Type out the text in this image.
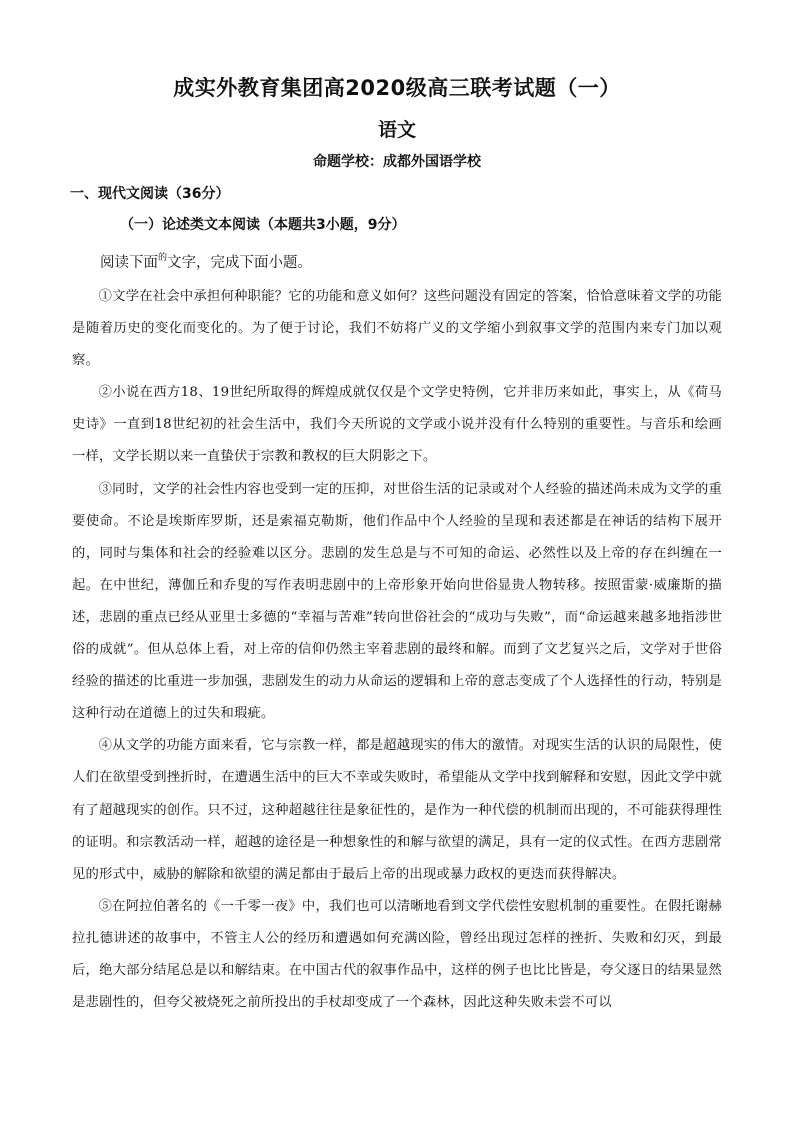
成实外教育集团高2020级高三联考试题（一）
语文
命题学校：成都外国语学校
一、现代文阅读（36分）
（一）论述类文本阅读（本题共3小题，9分）
阅读下面$^的$文字，完成下面小题。

①文学在社会中承担何种职能？它的功能和意义如何？这些问题没有固定的答案，恰恰意味着文学的功能是随着历史的变化而变化的。为了便于讨论，我们不妨将广义的文学缩小到叙事文学的范围内来专门加以观察。

②小说在西方18、19世纪所取得的辉煌成就仅仅是个文学史特例，它并非历来如此，事实上，从《荷马史诗》一直到18世纪初的社会生活中，我们今天所说的文学或小说并没有什么特别的重要性。与音乐和绘画一样，文学长期以来一直蛰伏于宗教和教权的巨大阴影之下。

③同时，文学的社会性内容也受到一定的压抑，对世俗生活的记录或对个人经验的描述尚未成为文学的重要使命。不论是埃斯库罗斯，还是索福克勒斯，他们作品中个人经验的呈现和表述都是在神话的结构下展开的，同时与集体和社会的经验难以区分。悲剧的发生总是与不可知的命运、必然性以及上帝的存在纠缠在一起。在中世纪，薄伽丘和乔叟的写作表明悲剧中的上帝形象开始向世俗显贵人物转移。按照雷蒙·威廉斯的描述，悲剧的重点已经从亚里士多德的“幸福与苦难”转向世俗社会的“成功与失败”，而“命运越来越多地指涉世俗的成就”。但从总体上看，对上帝的信仰仍然主宰着悲剧的最终和解。而到了文艺复兴之后，文学对于世俗经验的描述的比重进一步加强，悲剧发生的动力从命运的逻辑和上帝的意志变成了个人选择性的行动，特别是这种行动在道德上的过失和瑕疵。

④从文学的功能方面来看，它与宗教一样，都是超越现实的伟大的激情。对现实生活的认识的局限性，使人们在欲望受到挫折时，在遭遇生活中的巨大不幸或失败时，希望能从文学中找到解释和安慰，因此文学中就有了超越现实的创作。只不过，这种超越往往是象征性的，是作为一种代偿的机制而出现的，不可能获得理性的证明。和宗教活动一样，超越的途径是一种想象性的和解与欲望的满足，具有一定的仪式性。在西方悲剧常见的形式中，威胁的解除和欲望的满足都由于最后上帝的出现或暴力政权的更迭而获得解决。

⑤在阿拉伯著名的《一千零一夜》中，我们也可以清晰地看到文学代偿性安慰机制的重要性。在假托谢赫拉扎德讲述的故事中，不管主人公的经历和遭遇如何充满凶险，曾经出现过怎样的挫折、失败和幻灭，到最后，绝大部分结尾总是以和解结束。在中国古代的叙事作品中，这样的例子也比比皆是，夸父逐日的结果显然是悲剧性的，但夸父被烧死之前所投出的手杖却变成了一个森林，因此这种失败未尝不可以
